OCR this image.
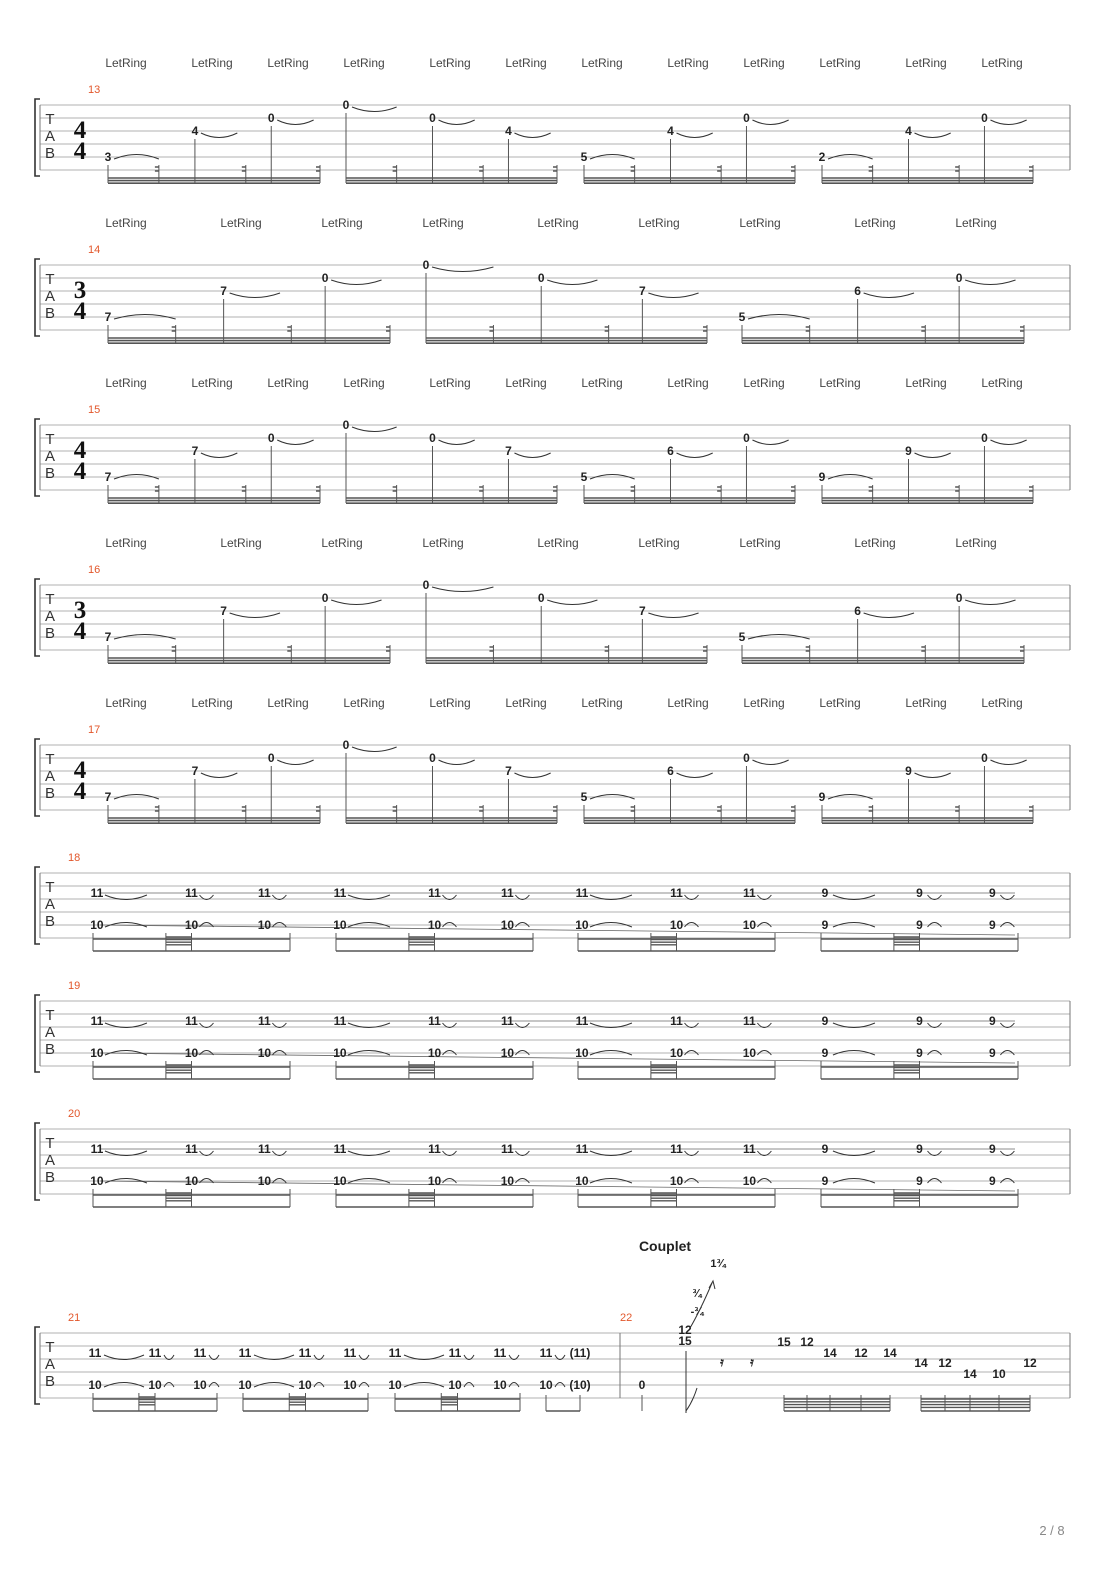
T
A
B
13
4
4
LetRing	LetRing	LetRing	LetRing	LetRing	LetRing	LetRing	LetRing	LetRing	LetRing	LetRing	LetRing
3
4
0
0
0
4
5
4
0
2
4
0
T
A
B
14
3
4
LetRing	LetRing	LetRing	LetRing	LetRing	LetRing	LetRing	LetRing	LetRing
7
7
0
0
0
7
5
6
0
T
A
B
15
4
4
LetRing	LetRing	LetRing	LetRing	LetRing	LetRing	LetRing	LetRing	LetRing	LetRing	LetRing	LetRing
7
7
0
0
0
7
5
6
0
9
9
0
T
A
B
16
3
4
LetRing	LetRing	LetRing	LetRing	LetRing	LetRing	LetRing	LetRing	LetRing
7
7
0
0
0
7
5
6
0
T
A
B
17
4
4
LetRing	LetRing	LetRing	LetRing	LetRing	LetRing	LetRing	LetRing	LetRing	LetRing	LetRing	LetRing
7
7
0
0
0
7
5
6
0
9
9
0
T
A
B
18
11
10
11
10
11
10
11
10
11
10
11
10
11
10
11
10
11
10
9
9
9
9
9
9
T
A
B
19
11
10
11
10
11
10
11
10
11
10
11
10
11
10
11
10
11
10
9
9
9
9
9
9
T
A
B
20
11
10
11
10
11
10
11
10
11
10
11
10
11
10
11
10
11
10
9
9
9
9
9
9
T
A
B
21	22
Couplet
11
10
11
10
11
10
11
10
11
10
11
10
11
10
11
10
11
10
11
10
(11)
(10)	0
12
15
1¾
¾
-¾
𝄿 𝄿
15 12
14 12 14
14 12
14 10
12
2 / 8
